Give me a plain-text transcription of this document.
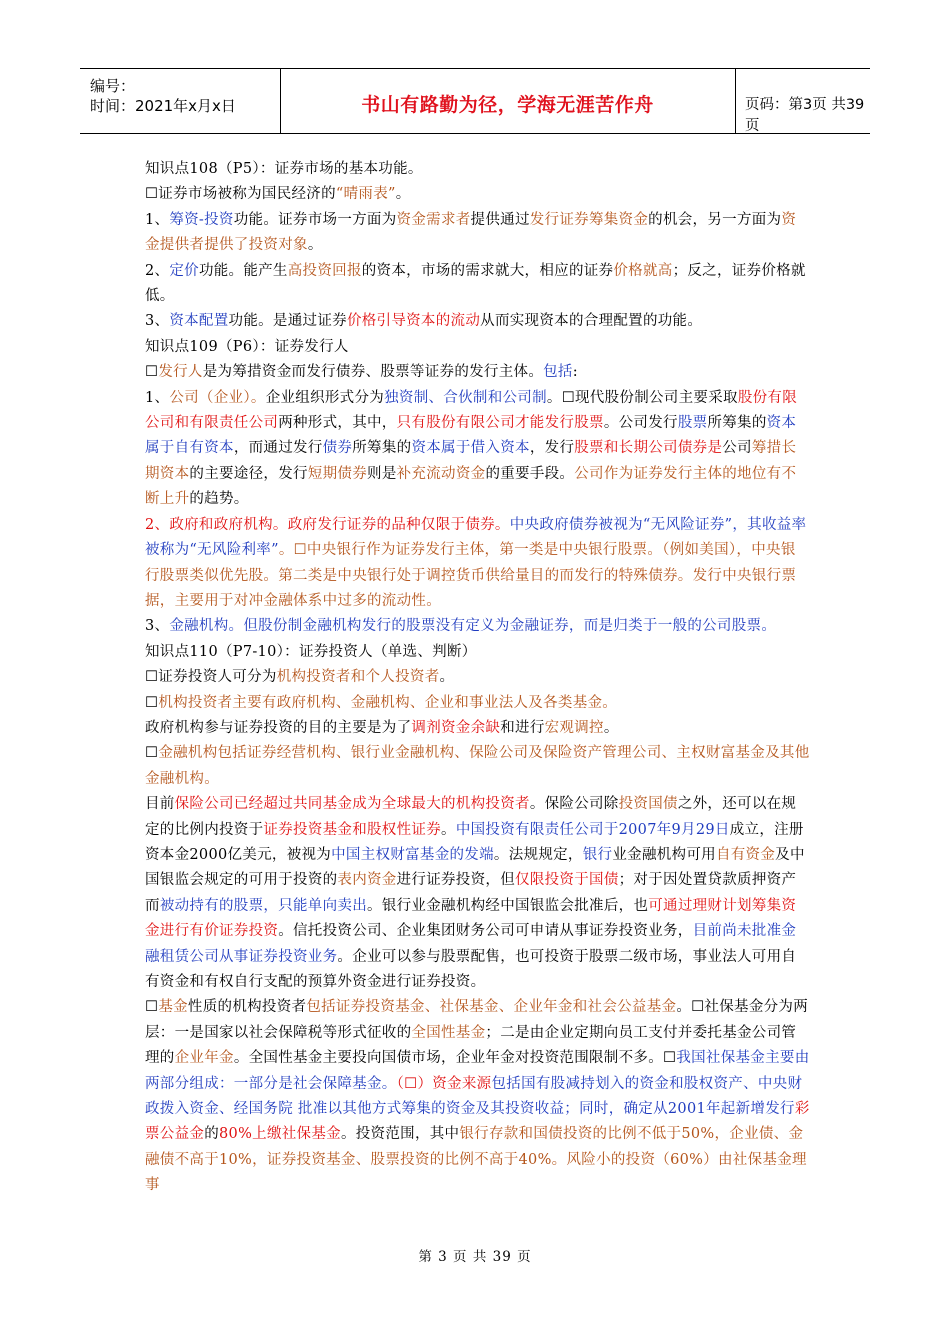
编号：
时间：2021年x月x日	书山有路勤为径，学海无涯苦作舟	页码：第3页 共39页

知识点108（P5）：证券市场的基本功能。

☐证券市场被称为国民经济的“晴雨表”。

1、筹资-投资功能。证券市场一方面为资金需求者提供通过发行证券筹集资金的机会，另一方面为资金提供者提供了投资对象。

2、定价功能。能产生高投资回报的资本，市场的需求就大，相应的证券价格就高；反之，证券价格就低。

3、资本配置功能。是通过证券价格引导资本的流动从而实现资本的合理配置的功能。

知识点109（P6）：证券发行人

☐发行人是为筹措资金而发行债券、股票等证券的发行主体。包括:

1、公司（企业）。企业组织形式分为独资制、合伙制和公司制。☐现代股份制公司主要采取股份有限公司和有限责任公司两种形式，其中，只有股份有限公司才能发行股票。公司发行股票所筹集的资本属于自有资本，而通过发行债券所筹集的资本属于借入资本，发行股票和长期公司债券是公司筹措长期资本的主要途径，发行短期债券则是补充流动资金的重要手段。公司作为证券发行主体的地位有不断上升的趋势。

2、政府和政府机构。政府发行证券的品种仅限于债券。中央政府债券被视为“无风险证券”，其收益率被称为“无风险利率”。☐中央银行作为证券发行主体，第一类是中央银行股票。（例如美国），中央银行股票类似优先股。第二类是中央银行处于调控货币供给量目的而发行的特殊债券。发行中央银行票据，主要用于对冲金融体系中过多的流动性。

3、金融机构。但股份制金融机构发行的股票没有定义为金融证券，而是归类于一般的公司股票。

知识点110（P7-10）：证券投资人（单选、判断）

☐证券投资人可分为机构投资者和个人投资者。

☐机构投资者主要有政府机构、金融机构、企业和事业法人及各类基金。

政府机构参与证券投资的目的主要是为了调剂资金余缺和进行宏观调控。

☐金融机构包括证券经营机构、银行业金融机构、保险公司及保险资产管理公司、主权财富基金及其他金融机构。

目前保险公司已经超过共同基金成为全球最大的机构投资者。保险公司除投资国债之外，还可以在规定的比例内投资于证券投资基金和股权性证券。中国投资有限责任公司于2007年9月29日成立，注册资本金2000亿美元，被视为中国主权财富基金的发端。法规规定，银行业金融机构可用自有资金及中国银监会规定的可用于投资的表内资金进行证券投资，但仅限投资于国债；对于因处置贷款质押资产而被动持有的股票，只能单向卖出。银行业金融机构经中国银监会批准后，也可通过理财计划筹集资金进行有价证券投资。信托投资公司、企业集团财务公司可申请从事证券投资业务，目前尚未批准金融租赁公司从事证券投资业务。企业可以参与股票配售，也可投资于股票二级市场，事业法人可用自有资金和有权自行支配的预算外资金进行证券投资。

☐基金性质的机构投资者包括证券投资基金、社保基金、企业年金和社会公益基金。☐社保基金分为两层：一是国家以社会保障税等形式征收的全国性基金；二是由企业定期向员工支付并委托基金公司管理的企业年金。全国性基金主要投向国债市场，企业年金对投资范围限制不多。☐我国社保基金主要由两部分组成：一部分是社会保障基金。（☐）资金来源包括国有股减持划入的资金和股权资产、中央财政拨入资金、经国务院 批准以其他方式筹集的资金及其投资收益；同时，确定从2001年起新增发行彩票公益金的80%上缴社保基金。投资范围，其中银行存款和国债投资的比例不低于50%，企业债、金融债不高于10%，证券投资基金、股票投资的比例不高于40%。风险小的投资（60%）由社保基金理事

第 3 页 共 39 页
